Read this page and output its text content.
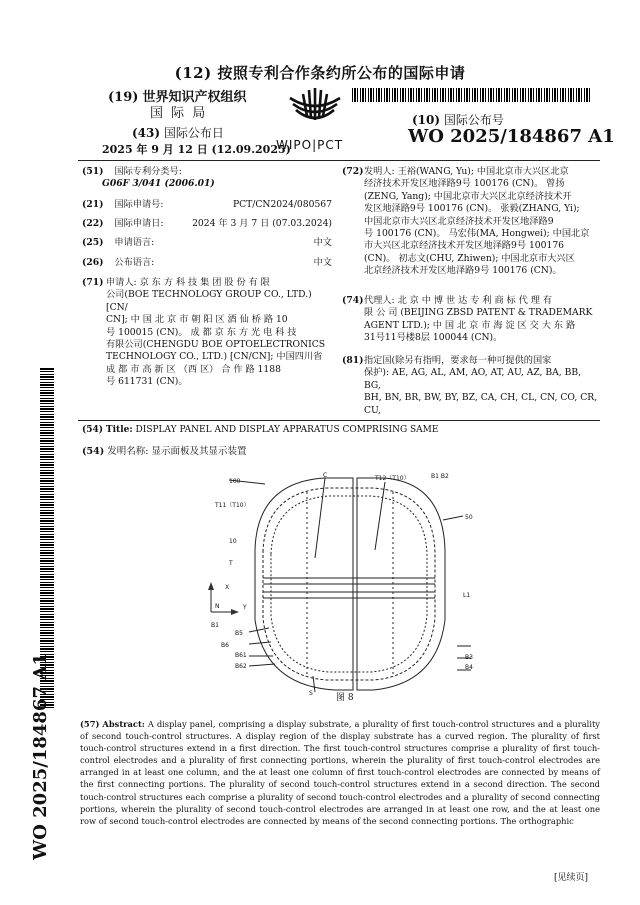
(12) 按照专利合作条约所公布的国际申请
(19) 世界知识产权组织
国 际 局
(43) 国际公布日
2025 年 9 月 12 日 (12.09.2025)
WIPO|PCT
(10) 国际公布号
WO 2025/184867 A1
(51) 国际专利分类号:
G06F 3/041 (2006.01)
(21) 国际申请号:	PCT/CN2024/080567
(22) 国际申请日:	2024 年 3 月 7 日 (07.03.2024)
(25) 申请语言:	中文
(26) 公布语言:	中文
(71) 申请人: 京 东 方 科 技 集 团 股 份 有 限
公司(BOE TECHNOLOGY GROUP CO., LTD.) [CN/
CN]; 中 国 北 京 市 朝 阳 区 酒 仙 桥 路 10
号 100015 (CN)。 成 都 京 东 方 光 电 科 技
有限公司(CHENGDU BOE OPTOELECTRONICS
TECHNOLOGY CO., LTD.) [CN/CN]; 中国四川省
成 都 市 高 新 区 （西 区） 合 作 路 1188
号 611731 (CN)。
(72) 发明人: 王裕(WANG, Yu); 中国北京市大兴区北京
经济技术开发区地泽路9号 100176 (CN)。 曾扬
(ZENG, Yang); 中国北京市大兴区北京经济技术开
发区地泽路9号 100176 (CN)。 张毅(ZHANG, Yi);
中国北京市大兴区北京经济技术开发区地泽路9
号 100176 (CN)。 马宏伟(MA, Hongwei); 中国北京
市大兴区北京经济技术开发区地泽路9号 100176
(CN)。 初志文(CHU, Zhiwen); 中国北京市大兴区
北京经济技术开发区地泽路9号 100176 (CN)。
(74) 代理人: 北 京 中 博 世 达 专 利 商 标 代 理 有
限 公 司 (BEIJING ZBSD PATENT & TRADEMARK
AGENT LTD.); 中 国 北 京 市 海 淀 区 交 大 东 路
31号11号楼8层 100044 (CN)。
(81) 指定国(除另有指明，要求每一种可提供的国家
保护): AE, AG, AL, AM, AO, AT, AU, AZ, BA, BB, BG,
BH, BN, BR, BW, BY, BZ, CA, CH, CL, CN, CO, CR, CU,
WO 2025/184867 A1
(54) Title: DISPLAY PANEL AND DISPLAY APPARATUS COMPRISING SAME
(54) 发明名称: 显示面板及其显示装置
100
C	T12（T10）	B1 B2
T11（T10）
10
50
T
X
Y
N
L1
B1
B5
B6
B61
B62
B3
B4
S	图 8
(57) Abstract: A display panel, comprising a display substrate, a plurality of first touch-control structures and a plurality of second touch-control structures. A display region of the display substrate has a curved region. The plurality of first touch-control structures extend in a first direction. The first touch-control structures comprise a plurality of first touch-control electrodes and a plurality of first connecting portions, wherein the plurality of first touch-control electrodes are arranged in at least one column, and the at least one column of first touch-control electrodes are connected by means of the first connecting portions. The plurality of second touch-control structures extend in a second direction. The second touch-control structures each comprise a plurality of second touch-control electrodes and a plurality of second connecting portions, wherein the plurality of second touch-control electrodes are arranged in at least one row, and the at least one row of second touch-control electrodes are connected by means of the second connecting portions. The orthographic
[见续页]
